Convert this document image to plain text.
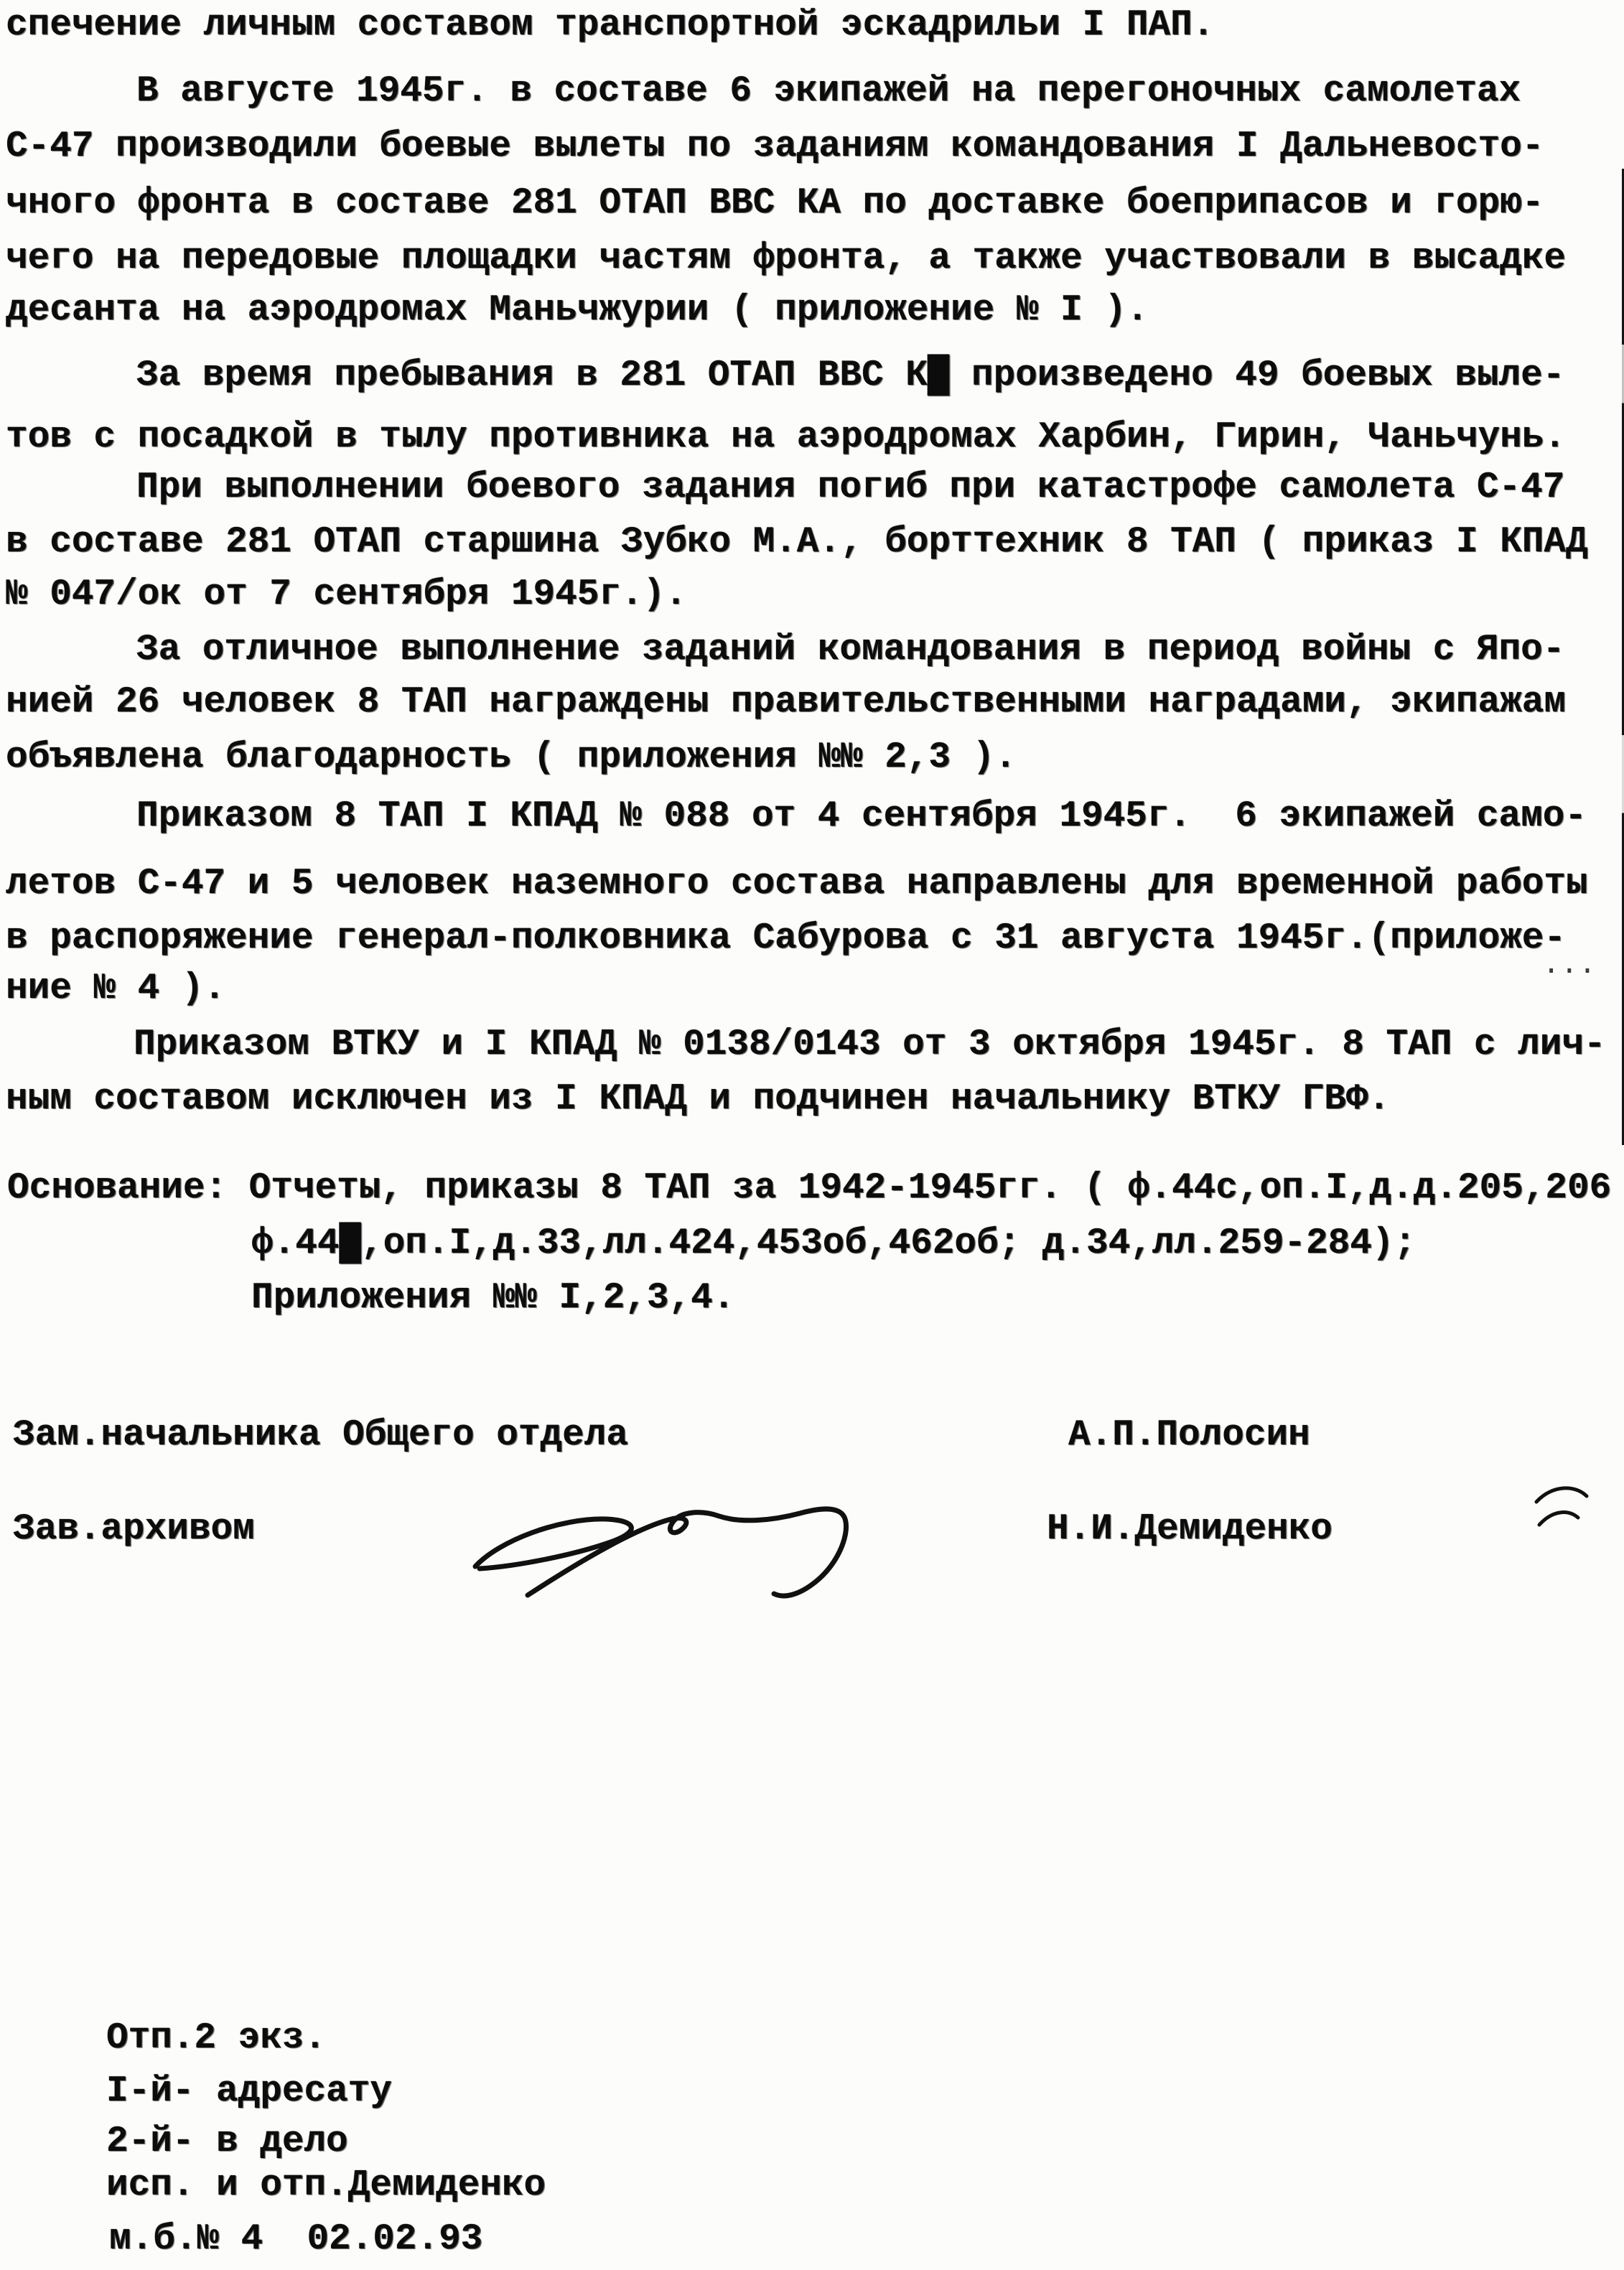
спечение личным составом транспортной эскадрильи I ПАП.
В августе 1945г. в составе 6 экипажей на перегоночных самолетах
С-47 производили боевые вылеты по заданиям командования I Дальневосто-
чного фронта в составе 281 ОТАП ВВС КА по доставке боеприпасов и горю-
чего на передовые площадки частям фронта, а также участвовали в высадке
десанта на аэродромах Маньчжурии ( приложение № I ).
За время пребывания в 281 ОТАП ВВС К█ произведено 49 боевых выле-
тов с посадкой в тылу противника на аэродромах Харбин, Гирин, Чаньчунь.
При выполнении боевого задания погиб при катастрофе самолета С-47
в составе 281 ОТАП старшина Зубко М.А., борттехник 8 ТАП ( приказ I КПАД
№ 047/ок от 7 сентября 1945г.).
За отличное выполнение заданий командования в период войны с Япо-
нией 26 человек 8 ТАП награждены правительственными наградами, экипажам
объявлена благодарность ( приложения №№ 2,3 ).
Приказом 8 ТАП I КПАД № 088 от 4 сентября 1945г.  6 экипажей само-
летов С-47 и 5 человек наземного состава направлены для временной работы
в распоряжение генерал-полковника Сабурова с 31 августа 1945г.(приложе-
ние № 4 ).
Приказом ВТКУ и I КПАД № 0138/0143 от 3 октября 1945г. 8 ТАП с лич-
ным составом исключен из I КПАД и подчинен начальнику ВТКУ ГВФ.
Основание: Отчеты, приказы 8 ТАП за 1942-1945гг. ( ф.44с,оп.I,д.д.205,206
ф.44█,оп.I,д.33,лл.424,453об,462об; д.34,лл.259-284);
Приложения №№ I,2,3,4.
Зам.начальника Общего отдела	А.П.Полосин
Зав.архивом	Н.И.Демиденко
Отп.2 экз.
I-й- адресату
2-й- в дело
исп. и отп.Демиденко
м.б.№ 4  02.02.93
...
